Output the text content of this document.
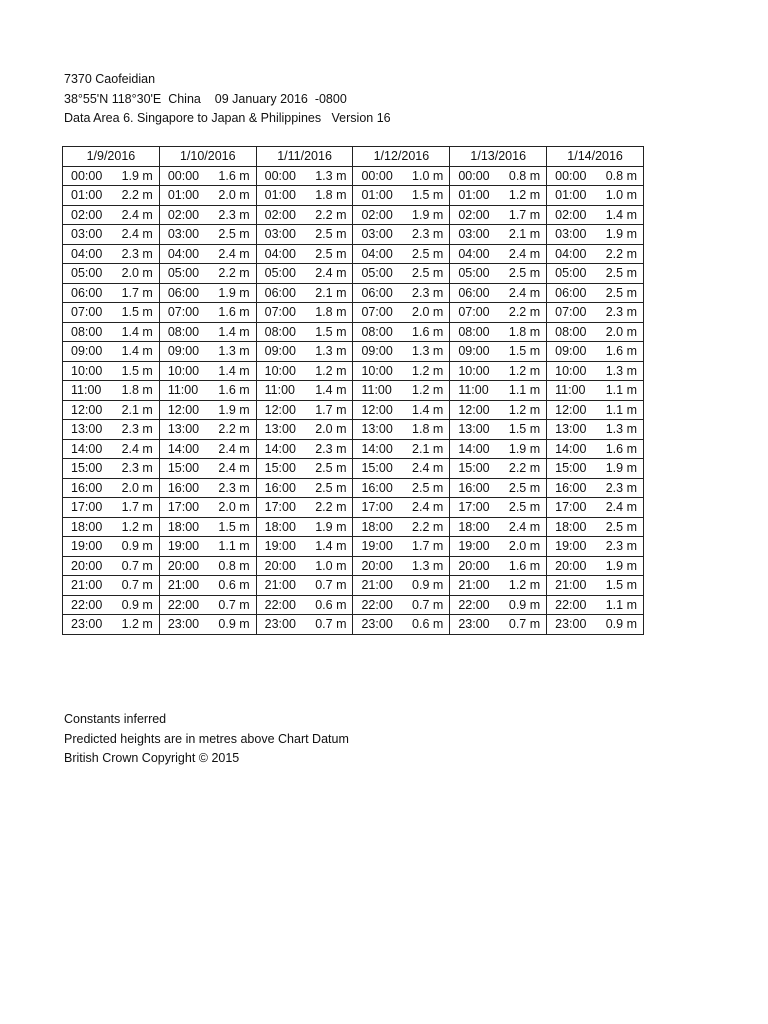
7370 Caofeidian
38°55'N 118°30'E  China    09 January 2016  -0800
Data Area 6. Singapore to Japan & Philippines   Version 16
1/9/2016	1/10/2016	1/11/2016	1/12/2016	1/13/2016	1/14/2016

00:00 1.9 m	00:00 1.6 m	00:00 1.3 m	00:00 1.0 m	00:00 0.8 m	00:00 0.8 m

01:00 2.2 m	01:00 2.0 m	01:00 1.8 m	01:00 1.5 m	01:00 1.2 m	01:00 1.0 m

02:00 2.4 m	02:00 2.3 m	02:00 2.2 m	02:00 1.9 m	02:00 1.7 m	02:00 1.4 m

03:00 2.4 m	03:00 2.5 m	03:00 2.5 m	03:00 2.3 m	03:00 2.1 m	03:00 1.9 m

04:00 2.3 m	04:00 2.4 m	04:00 2.5 m	04:00 2.5 m	04:00 2.4 m	04:00 2.2 m

05:00 2.0 m	05:00 2.2 m	05:00 2.4 m	05:00 2.5 m	05:00 2.5 m	05:00 2.5 m

06:00 1.7 m	06:00 1.9 m	06:00 2.1 m	06:00 2.3 m	06:00 2.4 m	06:00 2.5 m

07:00 1.5 m	07:00 1.6 m	07:00 1.8 m	07:00 2.0 m	07:00 2.2 m	07:00 2.3 m

08:00 1.4 m	08:00 1.4 m	08:00 1.5 m	08:00 1.6 m	08:00 1.8 m	08:00 2.0 m

09:00 1.4 m	09:00 1.3 m	09:00 1.3 m	09:00 1.3 m	09:00 1.5 m	09:00 1.6 m

10:00 1.5 m	10:00 1.4 m	10:00 1.2 m	10:00 1.2 m	10:00 1.2 m	10:00 1.3 m

11:00 1.8 m	11:00 1.6 m	11:00 1.4 m	11:00 1.2 m	11:00 1.1 m	11:00 1.1 m

12:00 2.1 m	12:00 1.9 m	12:00 1.7 m	12:00 1.4 m	12:00 1.2 m	12:00 1.1 m

13:00 2.3 m	13:00 2.2 m	13:00 2.0 m	13:00 1.8 m	13:00 1.5 m	13:00 1.3 m

14:00 2.4 m	14:00 2.4 m	14:00 2.3 m	14:00 2.1 m	14:00 1.9 m	14:00 1.6 m

15:00 2.3 m	15:00 2.4 m	15:00 2.5 m	15:00 2.4 m	15:00 2.2 m	15:00 1.9 m

16:00 2.0 m	16:00 2.3 m	16:00 2.5 m	16:00 2.5 m	16:00 2.5 m	16:00 2.3 m

17:00 1.7 m	17:00 2.0 m	17:00 2.2 m	17:00 2.4 m	17:00 2.5 m	17:00 2.4 m

18:00 1.2 m	18:00 1.5 m	18:00 1.9 m	18:00 2.2 m	18:00 2.4 m	18:00 2.5 m

19:00 0.9 m	19:00 1.1 m	19:00 1.4 m	19:00 1.7 m	19:00 2.0 m	19:00 2.3 m

20:00 0.7 m	20:00 0.8 m	20:00 1.0 m	20:00 1.3 m	20:00 1.6 m	20:00 1.9 m

21:00 0.7 m	21:00 0.6 m	21:00 0.7 m	21:00 0.9 m	21:00 1.2 m	21:00 1.5 m

22:00 0.9 m	22:00 0.7 m	22:00 0.6 m	22:00 0.7 m	22:00 0.9 m	22:00 1.1 m

23:00 1.2 m	23:00 0.9 m	23:00 0.7 m	23:00 0.6 m	23:00 0.7 m	23:00 0.9 m
Constants inferred
Predicted heights are in metres above Chart Datum
British Crown Copyright © 2015
